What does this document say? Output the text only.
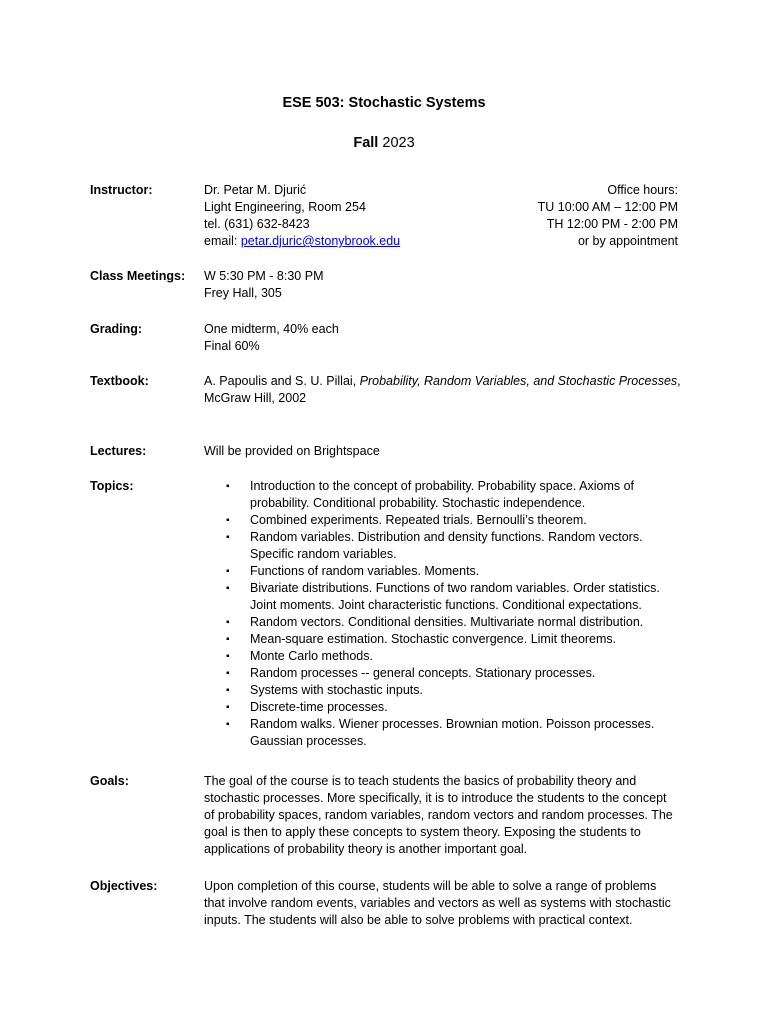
ESE 503: Stochastic Systems
Fall 2023
Instructor:	Dr. Petar M. Djurić
Light Engineering, Room 254
tel. (631) 632-8423
email: petar.djuric@stonybrook.edu
Office hours:
TU 10:00 AM – 12:00 PM
TH 12:00 PM - 2:00 PM
or by appointment
Class Meetings:	W 5:30 PM - 8:30 PM
Frey Hall, 305
Grading:	One midterm, 40% each
Final 60%
Textbook:	A. Papoulis and S. U. Pillai, Probability, Random Variables, and Stochastic Processes,
McGraw Hill, 2002
Lectures:	Will be provided on Brightspace
Topics:	▪ Introduction to the concept of probability. Probability space. Axioms of
probability. Conditional probability. Stochastic independence.
▪ Combined experiments. Repeated trials. Bernoulli’s theorem.
▪ Random variables. Distribution and density functions. Random vectors.
Specific random variables.
▪ Functions of random variables. Moments.
▪ Bivariate distributions. Functions of two random variables. Order statistics.
Joint moments. Joint characteristic functions. Conditional expectations.
▪ Random vectors. Conditional densities. Multivariate normal distribution.
▪ Mean-square estimation. Stochastic convergence. Limit theorems.
▪ Monte Carlo methods.
▪ Random processes -- general concepts. Stationary processes.
▪ Systems with stochastic inputs.
▪ Discrete-time processes.
▪ Random walks. Wiener processes. Brownian motion. Poisson processes.
Gaussian processes.
Goals:	The goal of the course is to teach students the basics of probability theory and
stochastic processes. More specifically, it is to introduce the students to the concept
of probability spaces, random variables, random vectors and random processes. The
goal is then to apply these concepts to system theory. Exposing the students to
applications of probability theory is another important goal.
Objectives:	Upon completion of this course, students will be able to solve a range of problems
that involve random events, variables and vectors as well as systems with stochastic
inputs. The students will also be able to solve problems with practical context.
